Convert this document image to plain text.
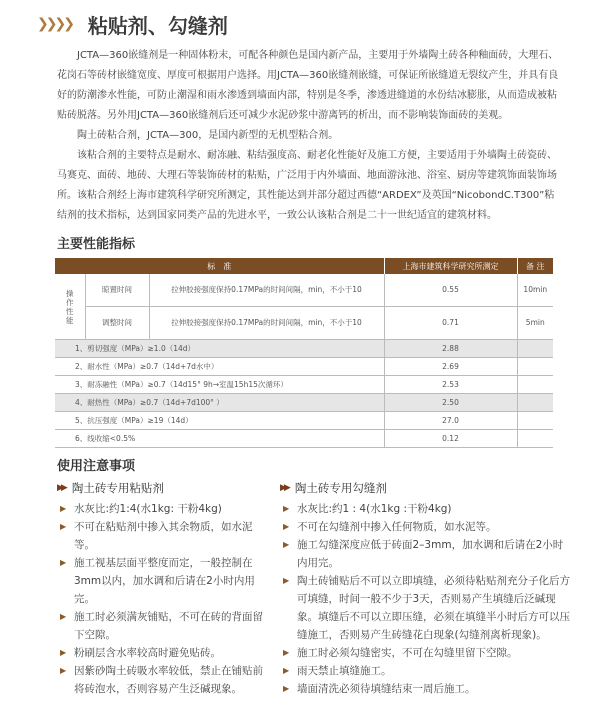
❯❯❯❯ 粘贴剂、勾缝剂

JCTA—360嵌缝剂是一种固体粉末，可配各种颜色是国内新产品，主要用于外墙陶土砖各种釉面砖，大理石、花岗石等砖材嵌缝宽度、厚度可根据用户选择。用JCTA—360嵌缝剂嵌缝，可保证所嵌缝道无裂纹产生，并具有良好的防潮渗水性能，可防止潮湿和雨水渗透到墙面内部，特别是冬季，渗透进缝道的水份结冰膨胀，从而造成被粘贴砖脱落。另外用JCTA—360嵌缝剂后还可减少水泥砂浆中游离钙的析出，而不影响装饰面砖的美观。

陶土砖粘合剂，JCTA—300，是国内新型的无机型粘合剂。

该粘合剂的主要特点是耐水、耐冻融、粘结强度高、耐老化性能好及施工方便，主要适用于外墙陶土砖瓷砖、马赛克、面砖、地砖、大理石等装饰砖材的粘贴，广泛用于内外墙面、地面游泳池、浴室、厨房等建筑饰面装饰场所。该粘合剂经上海市建筑科学研究所测定，其性能达到并部分超过西德“ARDEX”及英国“NicobondC.T300”粘结剂的技术指标，达到国家同类产品的先进水平，一致公认该粘合剂是二十一世纪适宜的建筑材料。

主要性能指标
标　准			上海市建筑科学研究所测定	备 注
操作性能	晾置时间	拉伸胶接强度保持0.17MPa的时间间隔，min，不小于10	0.55	10min
	调整时间	拉伸胶接强度保持0.17MPa的时间间隔，min，不小于10	0.71	5min
1、剪切强度（MPa）≥1.0（14d）			2.88	
2、耐水性（MPa）≥0.7（14d+7d水中）			2.69	
3、耐冻融性（MPa）≥0.7（14d15° 9h→室温15h15次循环）			2.53	
4、耐热性（MPa）≥0.7（14d+7d100° ）			2.50	
5、抗压强度（MPa）≥19（14d）			27.0	
6、线收缩<0.5%			0.12	
使用注意事项
▶▶ 陶土砖专用粘贴剂
▶ 水灰比:约1:4(水1kg: 干粉4kg)
▶ 不可在粘贴剂中掺入其余物质，如水泥等。
▶ 施工视基层面平整度而定，一般控制在3mm以内，加水调和后请在2小时内用完。
▶ 施工时必须满灰铺贴，不可在砖的背面留下空隙。
▶ 粉刷层含水率较高时避免贴砖。
▶ 因紫砂陶土砖吸水率较低，禁止在铺贴前将砖泡水，否则容易产生泛碱现象。
▶▶ 陶土砖专用勾缝剂
▶ 水灰比:约1 : 4(水1kg :干粉4kg)
▶ 不可在勾缝剂中掺入任何物质，如水泥等。
▶ 施工勾缝深度应低于砖面2–3mm，加水调和后请在2小时内用完。
▶ 陶土砖铺贴后不可以立即填缝，必须待粘贴剂充分子化后方可填缝，时间一般不少于3天，否则易产生填缝后泛碱现象。填缝后不可以立即压缝，必须在填缝半小时后方可以压缝施工，否则易产生砖缝花白现象(勾缝剂离析现象)。
▶ 施工时必须勾缝密实，不可在勾缝里留下空隙。
▶ 雨天禁止填缝施工。
▶ 墙面清洗必须待填缝结束一周后施工。
